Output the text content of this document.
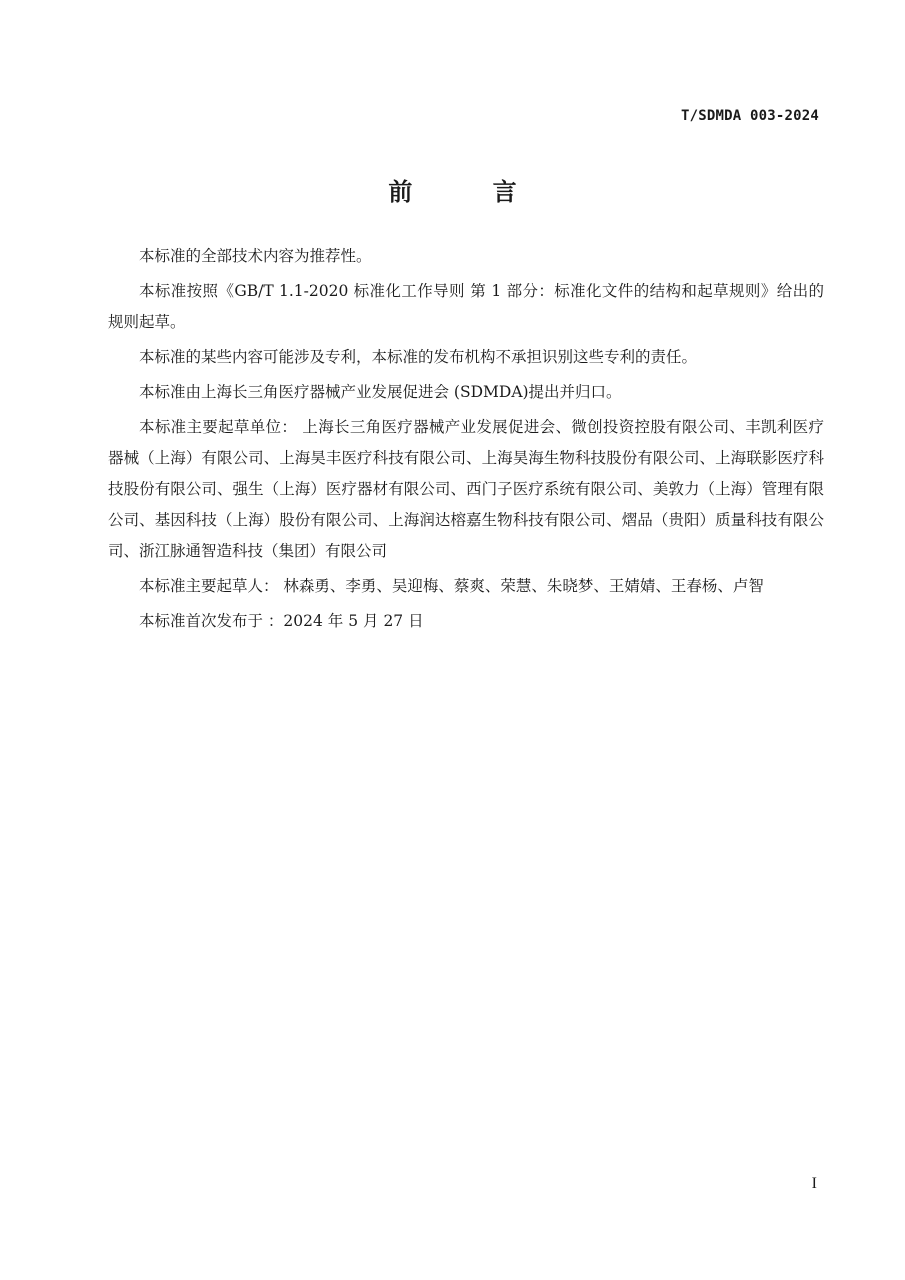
T/SDMDA 003-2024
前 言

本标准的全部技术内容为推荐性。

本标准按照《GB/T 1.1-2020 标准化工作导则 第 1 部分：标准化文件的结构和起草规则》给出的规则起草。

本标准的某些内容可能涉及专利，本标准的发布机构不承担识别这些专利的责任。

本标准由上海长三角医疗器械产业发展促进会 (SDMDA)提出并归口。

本标准主要起草单位： 上海长三角医疗器械产业发展促进会、微创投资控股有限公司、丰凯利医疗器械（上海）有限公司、上海昊丰医疗科技有限公司、上海昊海生物科技股份有限公司、上海联影医疗科技股份有限公司、强生（上海）医疗器材有限公司、西门子医疗系统有限公司、美敦力（上海）管理有限公司、基因科技（上海）股份有限公司、上海润达榕嘉生物科技有限公司、熠品（贵阳）质量科技有限公司、浙江脉通智造科技（集团）有限公司

本标准主要起草人： 林森勇、李勇、吴迎梅、蔡爽、荣慧、朱晓梦、王婧婧、王春杨、卢智

本标准首次发布于 ：2024 年 5 月 27 日

I
